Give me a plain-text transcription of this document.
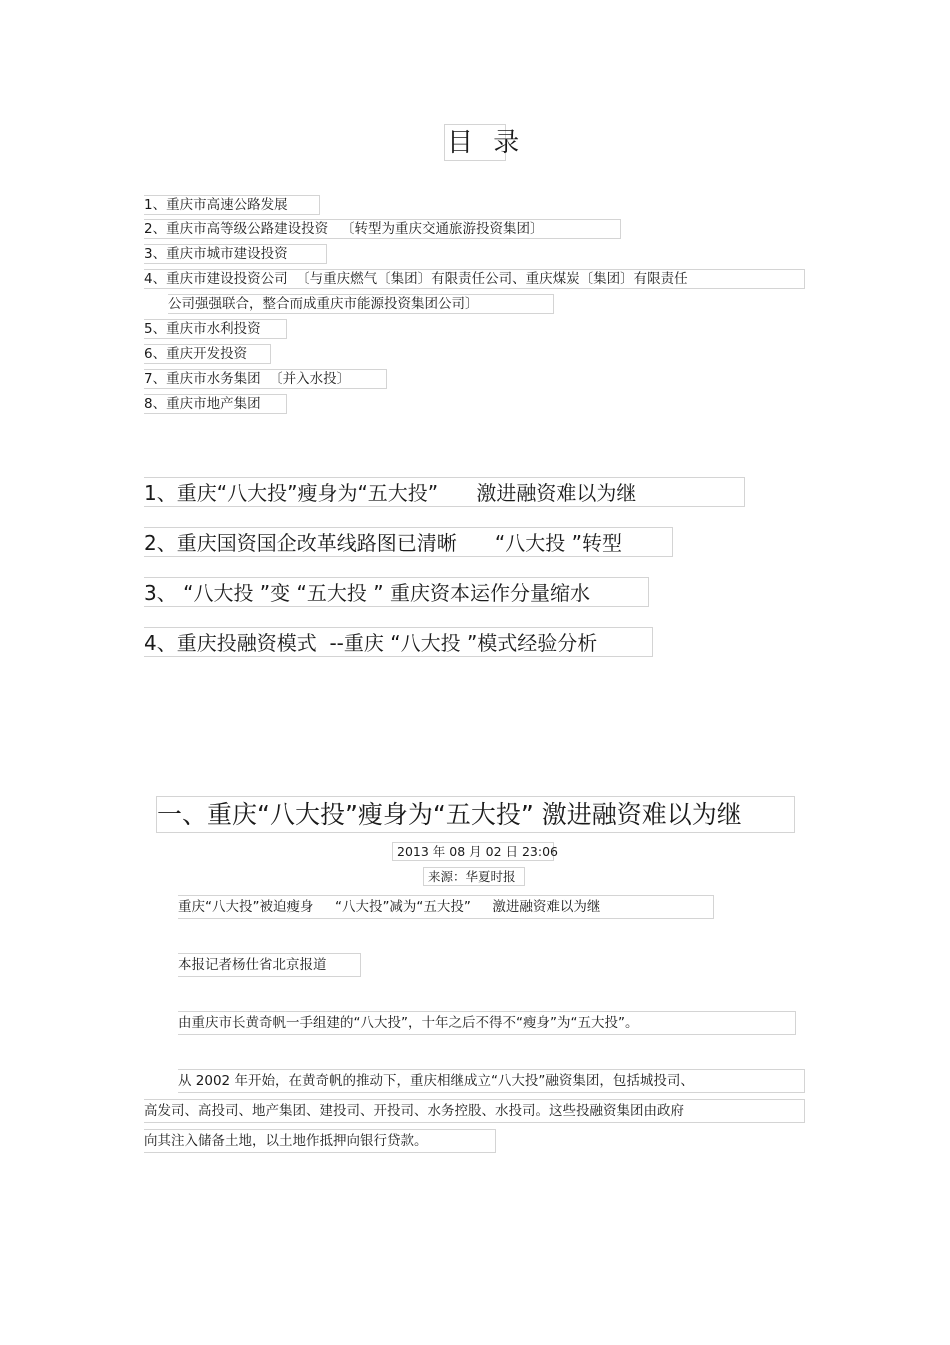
目 录
1、重庆市高速公路发展
2、重庆市高等级公路建设投资   〔转型为重庆交通旅游投资集团〕
3、重庆市城市建设投资
4、重庆市建设投资公司  〔与重庆燃气〔集团〕有限责任公司、重庆煤炭〔集团〕有限责任
公司强强联合，整合而成重庆市能源投资集团公司〕
5、重庆市水利投资
6、重庆开发投资
7、重庆市水务集团  〔并入水投〕
8、重庆市地产集团
1、重庆“八大投”瘦身为“五大投”      激进融资难以为继
2、重庆国资国企改革线路图已清晰      “八大投 ”转型
3、 “八大投 ”变 “五大投 ” 重庆资本运作分量缩水
4、重庆投融资模式  --重庆 “八大投 ”模式经验分析
一、重庆“八大投”瘦身为“五大投” 激进融资难以为继
2013 年 08 月 02 日 23:06
来源：华夏时报
重庆“八大投”被迫瘦身     “八大投”减为“五大投”     激进融资难以为继
本报记者杨仕省北京报道
由重庆市长黄奇帆一手组建的“八大投”，十年之后不得不“瘦身”为“五大投”。
从 2002 年开始，在黄奇帆的推动下，重庆相继成立“八大投”融资集团，包括城投司、
高发司、高投司、地产集团、建投司、开投司、水务控股、水投司。这些投融资集团由政府
向其注入储备土地，以土地作抵押向银行贷款。
